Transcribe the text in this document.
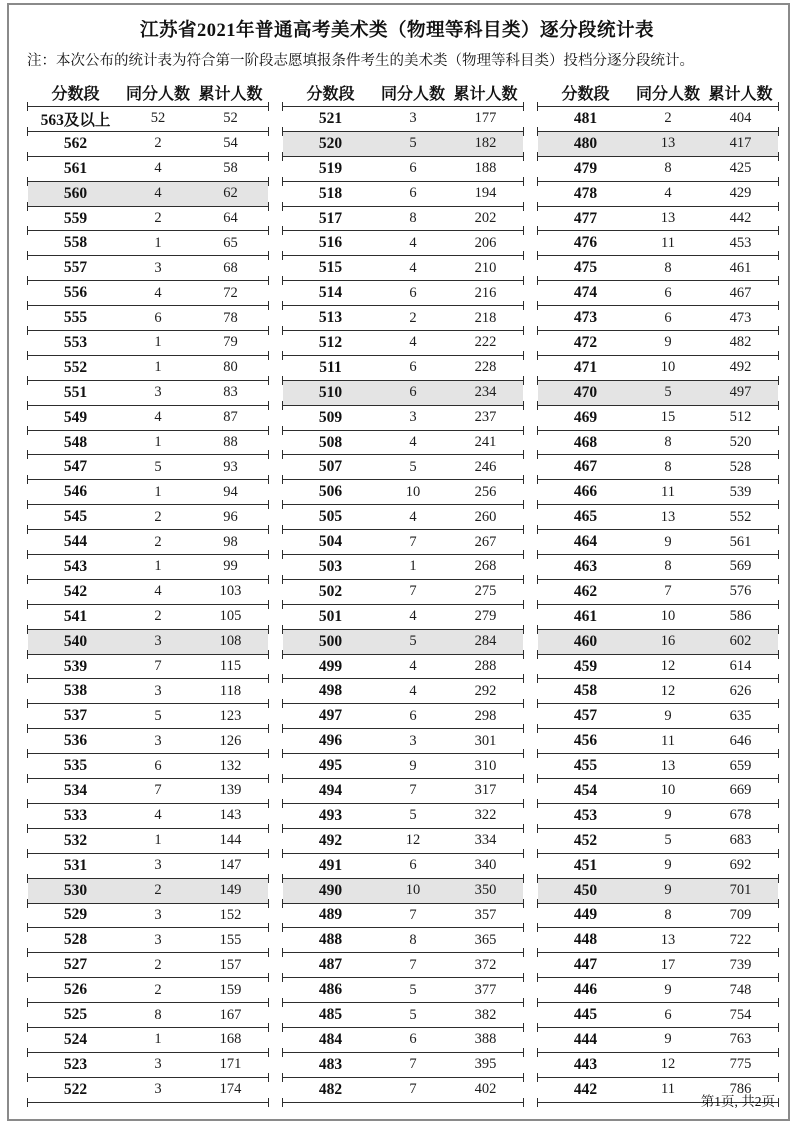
江苏省2021年普通高考美术类（物理等科目类）逐分段统计表
注：本次公布的统计表为符合第一阶段志愿填报条件考生的美术类（物理等科目类）投档分逐分段统计。
分数段	同分人数 累计人数
563及以上	52	52
562	2	54
561	4	58
560	4	62
559	2	64
558	1	65
557	3	68
556	4	72
555	6	78
553	1	79
552	1	80
551	3	83
549	4	87
548	1	88
547	5	93
546	1	94
545	2	96
544	2	98
543	1	99
542	4	103
541	2	105
540	3	108
539	7	115
538	3	118
537	5	123
536	3	126
535	6	132
534	7	139
533	4	143
532	1	144
531	3	147
530	2	149
529	3	152
528	3	155
527	2	157
526	2	159
525	8	167
524	1	168
523	3	171
522	3	174
分数段	同分人数 累计人数
521	3	177
520	5	182
519	6	188
518	6	194
517	8	202
516	4	206
515	4	210
514	6	216
513	2	218
512	4	222
511	6	228
510	6	234
509	3	237
508	4	241
507	5	246
506	10	256
505	4	260
504	7	267
503	1	268
502	7	275
501	4	279
500	5	284
499	4	288
498	4	292
497	6	298
496	3	301
495	9	310
494	7	317
493	5	322
492	12	334
491	6	340
490	10	350
489	7	357
488	8	365
487	7	372
486	5	377
485	5	382
484	6	388
483	7	395
482	7	402
分数段	同分人数 累计人数
481	2	404
480	13	417
479	8	425
478	4	429
477	13	442
476	11	453
475	8	461
474	6	467
473	6	473
472	9	482
471	10	492
470	5	497
469	15	512
468	8	520
467	8	528
466	11	539
465	13	552
464	9	561
463	8	569
462	7	576
461	10	586
460	16	602
459	12	614
458	12	626
457	9	635
456	11	646
455	13	659
454	10	669
453	9	678
452	5	683
451	9	692
450	9	701
449	8	709
448	13	722
447	17	739
446	9	748
445	6	754
444	9	763
443	12	775
442	11	786
第1页, 共2页
